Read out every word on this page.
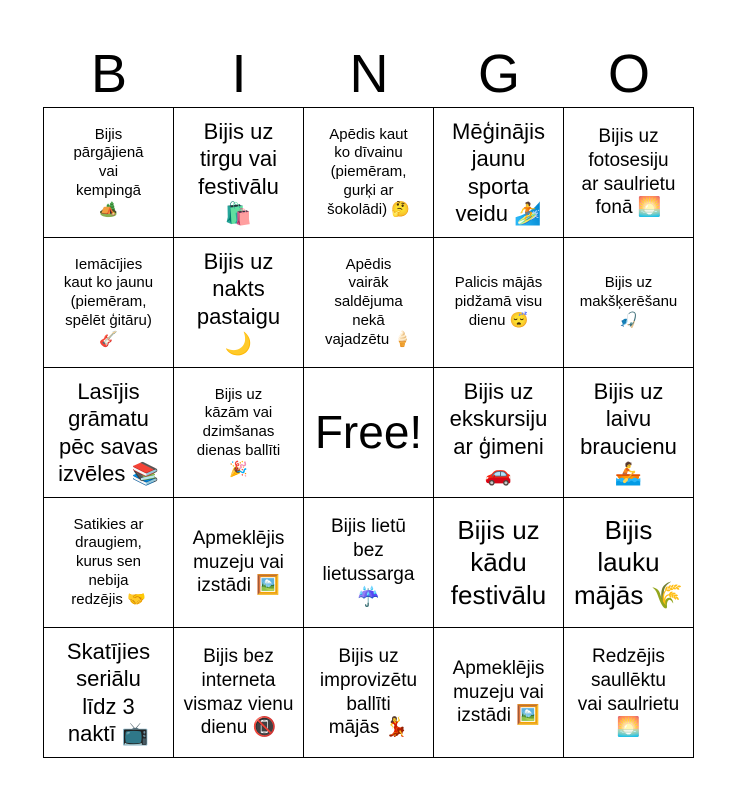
B	I	N	G	O
Bijis
pārgājienā
vai
kempingā
🏕️
Bijis uz
tirgu vai
festivālu
🛍️
Apēdis kaut
ko dīvainu
(piemēram,
gurķi ar
šokolādi) 🤔
Mēģinājis
jaunu
sporta
veidu 🏄
Bijis uz
fotosesiju
ar saulrietu
fonā 🌅
Iemācījies
kaut ko jaunu
(piemēram,
spēlēt ģitāru)
🎸
Bijis uz
nakts
pastaigu
🌙
Apēdis
vairāk
saldējuma
nekā
vajadzētu 🍦
Palicis mājās
pidžamā visu
dienu 😴
Bijis uz
makšķerēšanu
🎣
Lasījis
grāmatu
pēc savas
izvēles 📚
Bijis uz
kāzām vai
dzimšanas
dienas ballīti
🎉
Free!
Bijis uz
ekskursiju
ar ģimeni
🚗
Bijis uz
laivu
braucienu
🚣
Satikies ar
draugiem,
kurus sen
nebija
redzējis 🤝
Apmeklējis
muzeju vai
izstādi 🖼️
Bijis lietū
bez
lietussarga
☔
Bijis uz
kādu
festivālu
Bijis
lauku
mājās 🌾
Skatījies
seriālu
līdz 3
naktī 📺
Bijis bez
interneta
vismaz vienu
dienu 📵
Bijis uz
improvizētu
ballīti
mājās 💃
Apmeklējis
muzeju vai
izstādi 🖼️
Redzējis
saullēktu
vai saulrietu
🌅
